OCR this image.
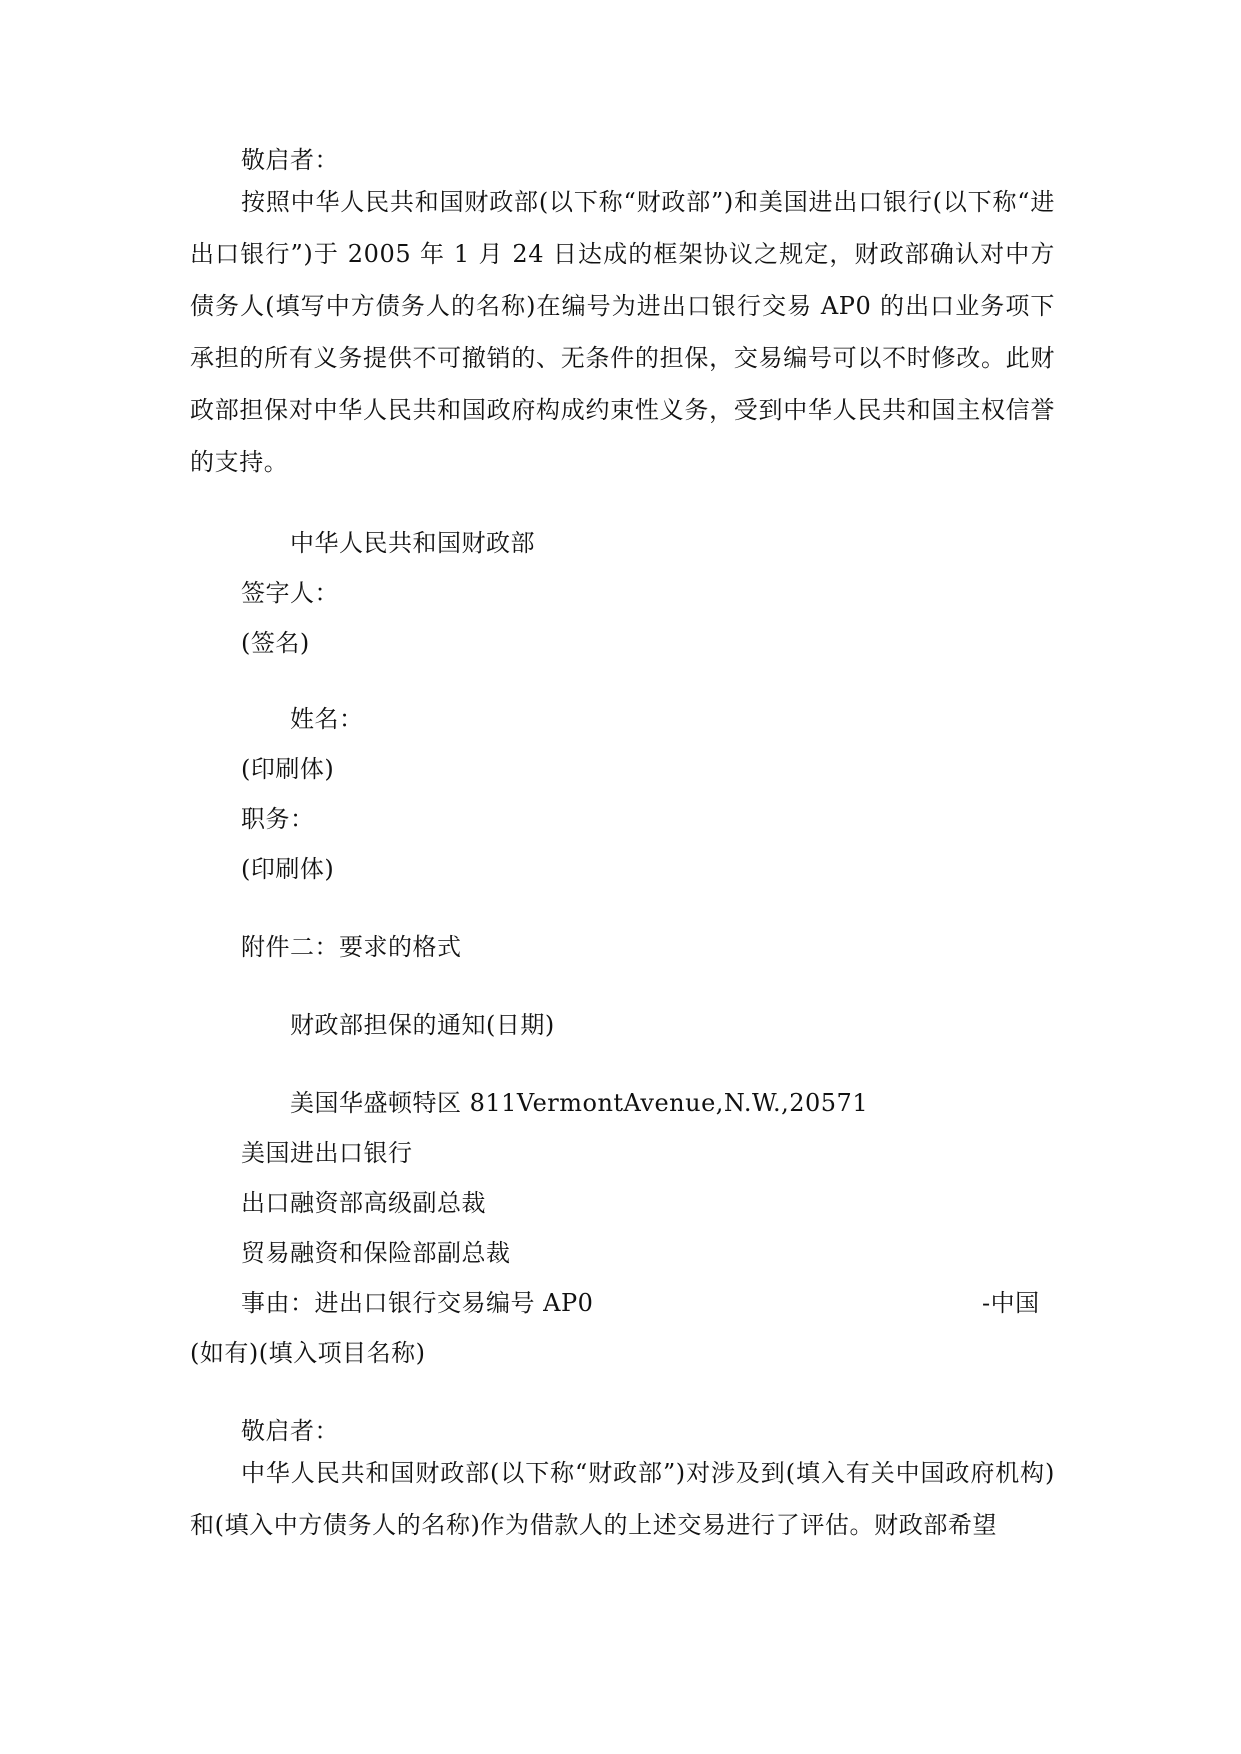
敬启者：

按照中华人民共和国财政部(以下称“财政部”)和美国进出口银行(以下称“进出口银行”)于 2005 年 1 月 24 日达成的框架协议之规定，财政部确认对中方债务人(填写中方债务人的名称)在编号为进出口银行交易 AP0 的出口业务项下承担的所有义务提供不可撤销的、无条件的担保，交易编号可以不时修改。此财政部担保对中华人民共和国政府构成约束性义务，受到中华人民共和国主权信誉的支持。

中华人民共和国财政部
签字人：
(签名)
姓名：
(印刷体)
职务：
(印刷体)
附件二：要求的格式
财政部担保的通知(日期)
美国华盛顿特区 811VermontAvenue,N.W.,20571
美国进出口银行
出口融资部高级副总裁
贸易融资和保险部副总裁
事由：进出口银行交易编号 AP0	-中国
(如有)(填入项目名称)
敬启者：

中华人民共和国财政部(以下称“财政部”)对涉及到(填入有关中国政府机构)和(填入中方债务人的名称)作为借款人的上述交易进行了评估。财政部希望
